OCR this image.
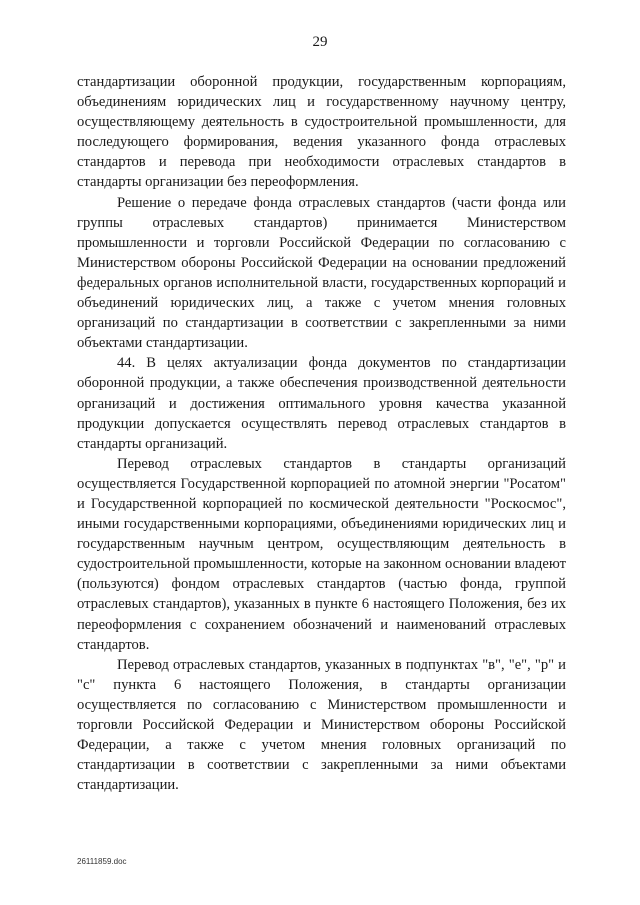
29

стандартизации оборонной продукции, государственным корпорациям, объединениям юридических лиц и государственному научному центру, осуществляющему деятельность в судостроительной промышленности, для последующего формирования, ведения указанного фонда отраслевых стандартов и перевода при необходимости отраслевых стандартов в стандарты организации без переоформления.

Решение о передаче фонда отраслевых стандартов (части фонда или группы отраслевых стандартов) принимается Министерством промышленности и торговли Российской Федерации по согласованию с Министерством обороны Российской Федерации на основании предложений федеральных органов исполнительной власти, государственных корпораций и объединений юридических лиц, а также с учетом мнения головных организаций по стандартизации в соответствии с закрепленными за ними объектами стандартизации.

44. В целях актуализации фонда документов по стандартизации оборонной продукции, а также обеспечения производственной деятельности организаций и достижения оптимального уровня качества указанной продукции допускается осуществлять перевод отраслевых стандартов в стандарты организаций.

Перевод отраслевых стандартов в стандарты организаций осуществляется Государственной корпорацией по атомной энергии "Росатом" и Государственной корпорацией по космической деятельности "Роскосмос", иными государственными корпорациями, объединениями юридических лиц и государственным научным центром, осуществляющим деятельность в судостроительной промышленности, которые на законном основании владеют (пользуются) фондом отраслевых стандартов (частью фонда, группой отраслевых стандартов), указанных в пункте 6 настоящего Положения, без их переоформления с сохранением обозначений и наименований отраслевых стандартов.

Перевод отраслевых стандартов, указанных в подпунктах "в", "е", "р" и "с" пункта 6 настоящего Положения, в стандарты организации осуществляется по согласованию с Министерством промышленности и торговли Российской Федерации и Министерством обороны Российской Федерации, а также с учетом мнения головных организаций по стандартизации в соответствии с закрепленными за ними объектами стандартизации.

26111859.doc
